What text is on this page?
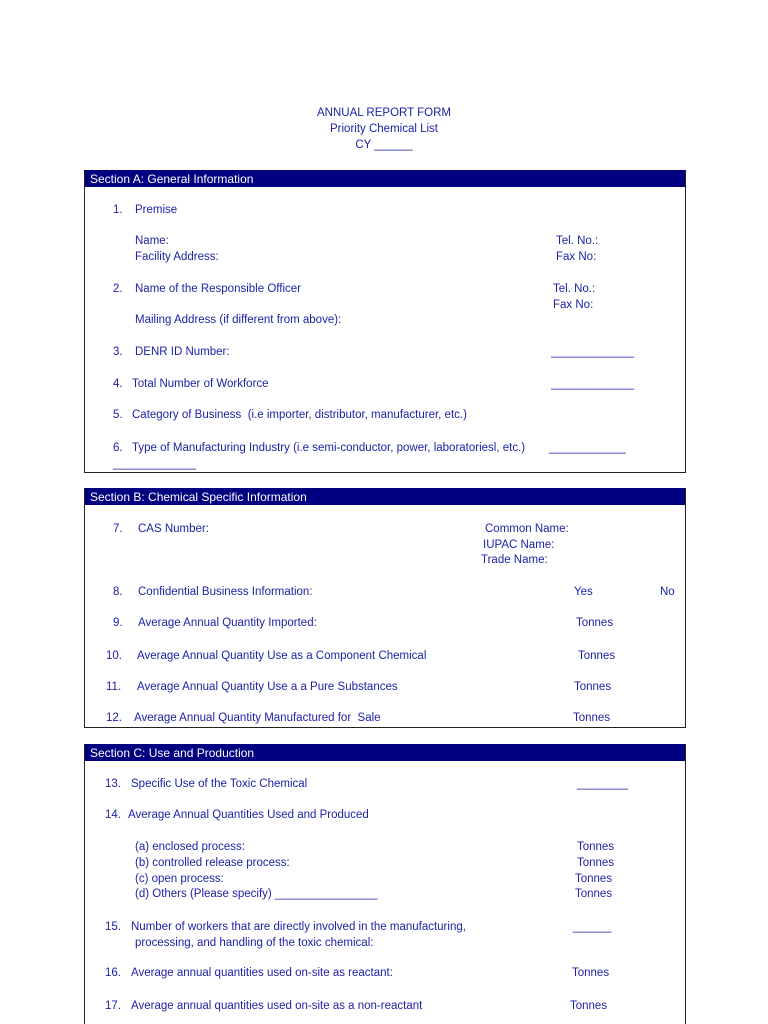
ANNUAL REPORT FORM
Priority Chemical List
CY ______
Section A: General Information
1. Premise
Name:
Facility Address:
Tel. No.:
Fax No:
2. Name of the Responsible Officer	Tel. No.:
Fax No:
Mailing Address (if different from above):
3. DENR ID Number:	_____________
4. Total Number of Workforce	_____________
5. Category of Business  (i.e importer, distributor, manufacturer, etc.)
6. Type of Manufacturing Industry (i.e semi-conductor, power, laboratoriesl, etc.) ____________
_____________
Section B: Chemical Specific Information
7. CAS Number:	Common Name:
IUPAC Name:
Trade Name:
8. Confidential Business Information:	Yes	No
9. Average Annual Quantity Imported:	Tonnes
10. Average Annual Quantity Use as a Component Chemical	Tonnes
11. Average Annual Quantity Use a a Pure Substances	Tonnes
12. Average Annual Quantity Manufactured for  Sale	Tonnes
Section C: Use and Production
13. Specific Use of the Toxic Chemical	________
14. Average Annual Quantities Used and Produced
(a) enclosed process:	Tonnes
(b) controlled release process:	Tonnes
(c) open process:	Tonnes
(d) Others (Please specify) ________________	Tonnes
15. Number of workers that are directly involved in the manufacturing,
processing, and handling of the toxic chemical:
______
16. Average annual quantities used on-site as reactant:	Tonnes
17. Average annual quantities used on-site as a non-reactant	Tonnes
